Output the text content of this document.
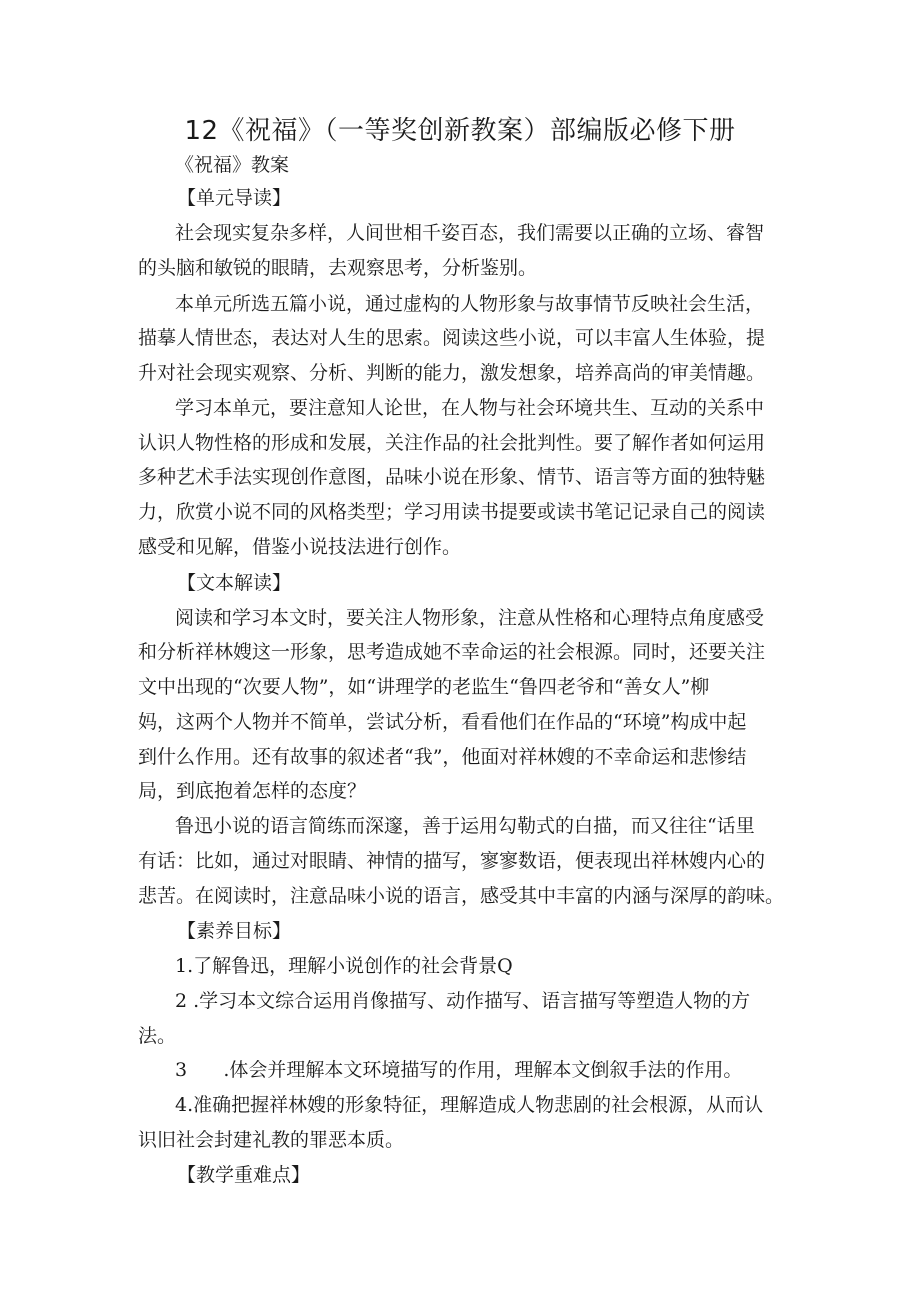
12《祝福》（一等奖创新教案）部编版必修下册
《祝福》教案
【单元导读】
社会现实复杂多样，人间世相千姿百态，我们需要以正确的立场、睿智
的头脑和敏锐的眼睛，去观察思考，分析鉴别。
本单元所选五篇小说，通过虚构的人物形象与故事情节反映社会生活，
描摹人情世态，表达对人生的思索。阅读这些小说，可以丰富人生体验，提
升对社会现实观察、分析、判断的能力，激发想象，培养高尚的审美情趣。
学习本单元，要注意知人论世，在人物与社会环境共生、互动的关系中
认识人物性格的形成和发展，关注作品的社会批判性。要了解作者如何运用
多种艺术手法实现创作意图，品味小说在形象、情节、语言等方面的独特魅
力，欣赏小说不同的风格类型；学习用读书提要或读书笔记记录自己的阅读
感受和见解，借鉴小说技法进行创作。
【文本解读】
阅读和学习本文时，要关注人物形象，注意从性格和心理特点角度感受
和分析祥林嫂这一形象，思考造成她不幸命运的社会根源。同时，还要关注
文中出现的“次要人物”，如“讲理学的老监生“鲁四老爷和“善女人”柳
妈，这两个人物并不简单，尝试分析，看看他们在作品的“环境”构成中起
到什么作用。还有故事的叙述者“我”，他面对祥林嫂的不幸命运和悲惨结
局，到底抱着怎样的态度？
鲁迅小说的语言简练而深邃，善于运用勾勒式的白描，而又往往“话里
有话：比如，通过对眼睛、神情的描写，寥寥数语，便表现出祥林嫂内心的
悲苦。在阅读时，注意品味小说的语言，感受其中丰富的内涵与深厚的韵味。
【素养目标】
1.了解鲁迅，理解小说创作的社会背景Q
2 .学习本文综合运用肖像描写、动作描写、语言描写等塑造人物的方
法。
3      .体会并理解本文环境描写的作用，理解本文倒叙手法的作用。
4.准确把握祥林嫂的形象特征，理解造成人物悲剧的社会根源，从而认
识旧社会封建礼教的罪恶本质。
【教学重难点】
